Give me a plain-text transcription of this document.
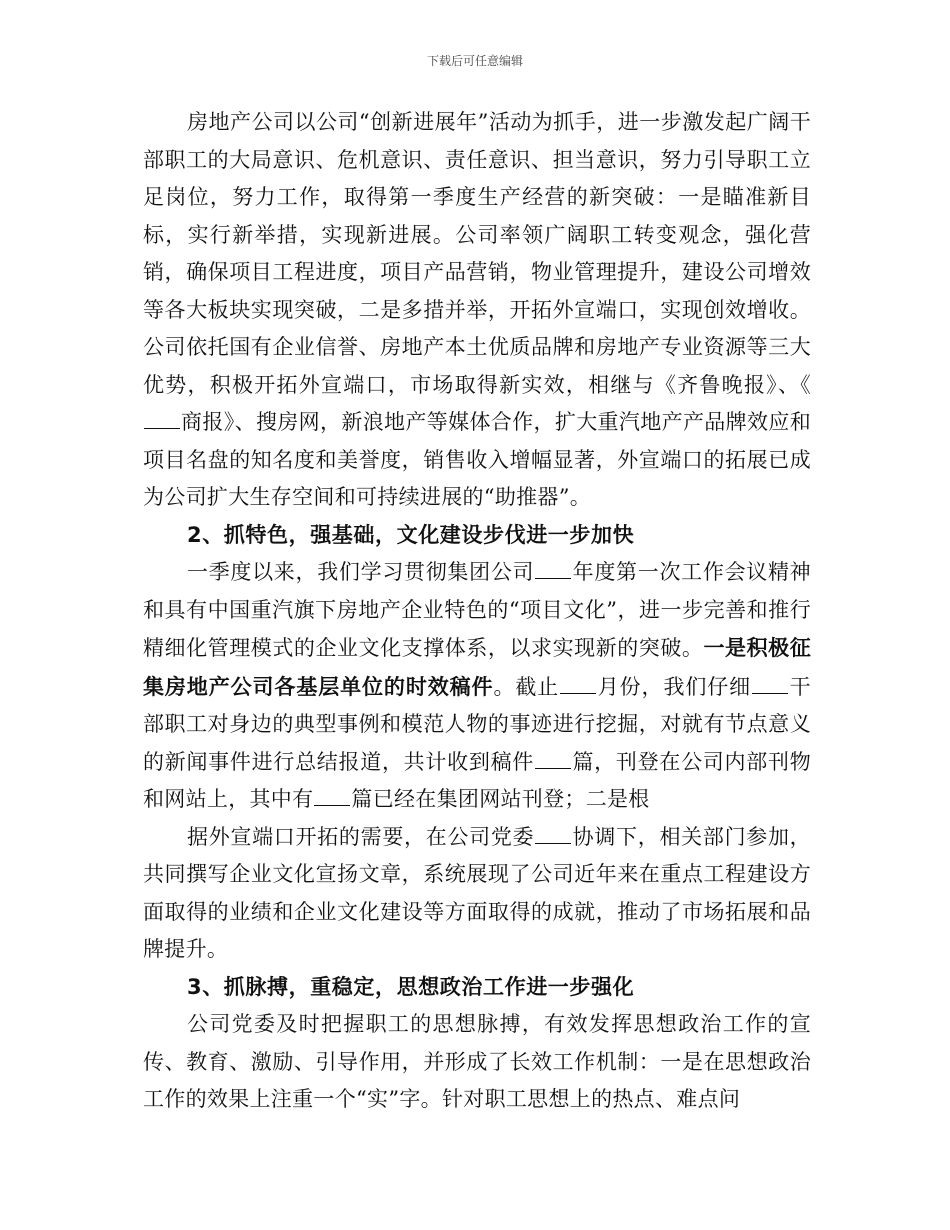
下载后可任意编辑

房地产公司以公司“创新进展年”活动为抓手，进一步激发起广阔干部职工的大局意识、危机意识、责任意识、担当意识，努力引导职工立足岗位，努力工作，取得第一季度生产经营的新突破：一是瞄准新目标，实行新举措，实现新进展。公司率领广阔职工转变观念，强化营销，确保项目工程进度，项目产品营销，物业管理提升，建设公司增效等各大板块实现突破，二是多措并举，开拓外宣端口，实现创效增收。公司依托国有企业信誉、房地产本土优质品牌和房地产专业资源等三大优势，积极开拓外宣端口，市场取得新实效，相继与《齐鲁晚报》、《商报》、搜房网，新浪地产等媒体合作，扩大重汽地产产品牌效应和项目名盘的知名度和美誉度，销售收入增幅显著，外宣端口的拓展已成为公司扩大生存空间和可持续进展的“助推器”。

2、抓特色，强基础，文化建设步伐进一步加快

一季度以来，我们学习贯彻集团公司 年度第一次工作会议精神和具有中国重汽旗下房地产企业特色的“项目文化”，进一步完善和推行精细化管理模式的企业文化支撑体系，以求实现新的突破。一是积极征集房地产公司各基层单位的时效稿件。截止 月份，我们仔细 干部职工对身边的典型事例和模范人物的事迹进行挖掘，对就有节点意义的新闻事件进行总结报道，共计收到稿件 篇，刊登在公司内部刊物和网站上，其中有 篇已经在集团网站刊登；二是根

据外宣端口开拓的需要，在公司党委 协调下，相关部门参加，共同撰写企业文化宣扬文章，系统展现了公司近年来在重点工程建设方面取得的业绩和企业文化建设等方面取得的成就，推动了市场拓展和品牌提升。

3、抓脉搏，重稳定，思想政治工作进一步强化

公司党委及时把握职工的思想脉搏，有效发挥思想政治工作的宣传、教育、激励、引导作用，并形成了长效工作机制：一是在思想政治工作的效果上注重一个“实”字。针对职工思想上的热点、难点问
